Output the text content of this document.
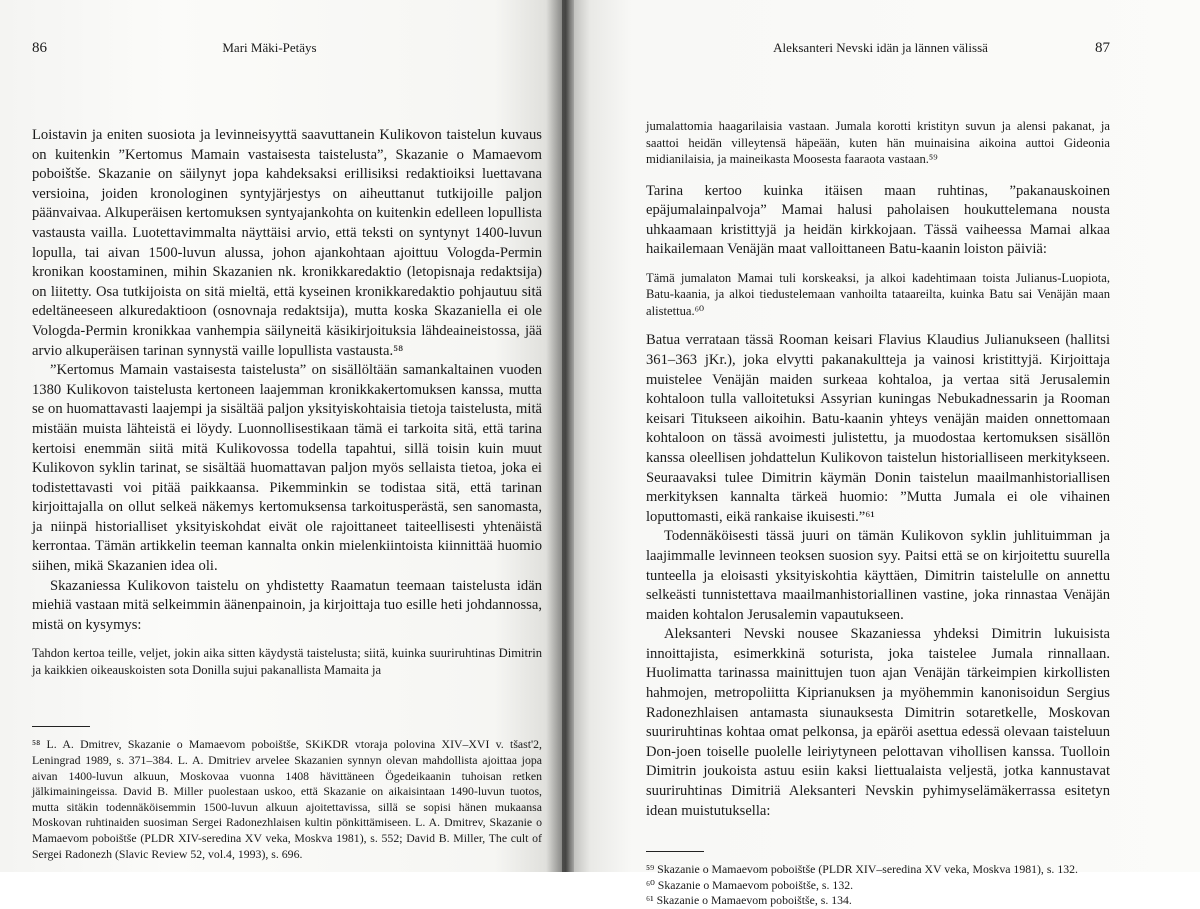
86	Mari Mäki-Petäys

Loistavin ja eniten suosiota ja levinneisyyttä saavuttanein Kulikovon taistelun kuvaus on kuitenkin ”Kertomus Mamain vastaisesta taistelusta”, Skazanie o Mamaevom poboištše. Skazanie on säilynyt jopa kahdeksaksi erillisiksi redaktioiksi luettavana versioina, joiden kronologinen syntyjärjestys on aiheuttanut tutkijoille paljon päänvaivaa. Alkuperäisen kertomuksen syntyajankohta on kuitenkin edelleen lopullista vastausta vailla. Luotettavimmalta näyttäisi arvio, että teksti on syntynyt 1400-luvun lopulla, tai aivan 1500-luvun alussa, johon ajankohtaan ajoittuu Vologda-Permin kronikan koostaminen, mihin Skazanien nk. kronikkaredaktio (letopisnaja redaktsija) on liitetty. Osa tutkijoista on sitä mieltä, että kyseinen kronikkaredaktio pohjautuu sitä edeltäneeseen alkuredaktioon (osnovnaja redaktsija), mutta koska Skazaniella ei ole Vologda-Permin kronikkaa vanhempia säilyneitä käsikirjoituksia lähdeaineistossa, jää arvio alkuperäisen tarinan synnystä vaille lopullista vastausta.⁵⁸

”Kertomus Mamain vastaisesta taistelusta” on sisällöltään samankaltainen vuoden 1380 Kulikovon taistelusta kertoneen laajemman kronikkakertomuksen kanssa, mutta se on huomattavasti laajempi ja sisältää paljon yksityiskohtaisia tietoja taistelusta, mitä mistään muista lähteistä ei löydy. Luonnollisestikaan tämä ei tarkoita sitä, että tarina kertoisi enemmän siitä mitä Kulikovossa todella tapahtui, sillä toisin kuin muut Kulikovon syklin tarinat, se sisältää huomattavan paljon myös sellaista tietoa, joka ei todistettavasti voi pitää paikkaansa. Pikemminkin se todistaa sitä, että tarinan kirjoittajalla on ollut selkeä näkemys kertomuksensa tarkoitusperästä, sen sanomasta, ja niinpä historialliset yksityiskohdat eivät ole rajoittaneet taiteellisesti yhtenäistä kerrontaa. Tämän artikkelin teeman kannalta onkin mielenkiintoista kiinnittää huomio siihen, mikä Skazanien idea oli.

Skazaniessa Kulikovon taistelu on yhdistetty Raamatun teemaan taistelusta idän miehiä vastaan mitä selkeimmin äänenpainoin, ja kirjoittaja tuo esille heti johdannossa, mistä on kysymys:

Tahdon kertoa teille, veljet, jokin aika sitten käydystä taistelusta; siitä, kuinka suuriruhtinas Dimitrin ja kaikkien oikeauskoisten sota Donilla sujui pakanallista Mamaita ja

⁵⁸ L. A. Dmitrev, Skazanie o Mamaevom poboištše, SKiKDR vtoraja polovina XIV–XVI v. tšast'2, Leningrad 1989, s. 371–384. L. A. Dmitriev arvelee Skazanien synnyn olevan mahdollista ajoittaa jopa aivan 1400-luvun alkuun, Moskovaa vuonna 1408 hävittäneen Ögedeikaanin tuhoisan retken jälkimainingeissa. David B. Miller puolestaan uskoo, että Skazanie on aikaisintaan 1490-luvun tuotos, mutta sitäkin todennäköisemmin 1500-luvun alkuun ajoitettavissa, sillä se sopisi hänen mukaansa Moskovan ruhtinaiden suosiman Sergei Radonezhlaisen kultin pönkittämiseen. L. A. Dmitrev, Skazanie o Mamaevom poboištše (PLDR XIV-seredina XV veka, Moskva 1981), s. 552; David B. Miller, The cult of Sergei Radonezh (Slavic Review 52, vol.4, 1993), s. 696.

Aleksanteri Nevski idän ja lännen välissä	87

jumalattomia haagarilaisia vastaan. Jumala korotti kristityn suvun ja alensi pakanat, ja saattoi heidän villeytensä häpeään, kuten hän muinaisina aikoina auttoi Gideonia midianilaisia, ja maineikasta Moosesta faaraota vastaan.⁵⁹

Tarina kertoo kuinka itäisen maan ruhtinas, ”pakanauskoinen epäjumalainpalvoja” Mamai halusi paholaisen houkuttelemana nousta uhkaamaan kristittyjä ja heidän kirkkojaan. Tässä vaiheessa Mamai alkaa haikailemaan Venäjän maat valloittaneen Batu-kaanin loiston päiviä:

Tämä jumalaton Mamai tuli korskeaksi, ja alkoi kadehtimaan toista Julianus-Luopiota, Batu-kaania, ja alkoi tiedustelemaan vanhoilta tataareilta, kuinka Batu sai Venäjän maan alistettua.⁶⁰

Batua verrataan tässä Rooman keisari Flavius Klaudius Julianukseen (hallitsi 361–363 jKr.), joka elvytti pakanakultteja ja vainosi kristittyjä. Kirjoittaja muistelee Venäjän maiden surkeaa kohtaloa, ja vertaa sitä Jerusalemin kohtaloon tulla valloitetuksi Assyrian kuningas Nebukadnessarin ja Rooman keisari Titukseen aikoihin. Batu-kaanin yhteys venäjän maiden onnettomaan kohtaloon on tässä avoimesti julistettu, ja muodostaa kertomuksen sisällön kanssa oleellisen johdattelun Kulikovon taistelun historialliseen merkitykseen. Seuraavaksi tulee Dimitrin käymän Donin taistelun maailmanhistoriallisen merkityksen kannalta tärkeä huomio: ”Mutta Jumala ei ole vihainen loputtomasti, eikä rankaise ikuisesti.”⁶¹

Todennäköisesti tässä juuri on tämän Kulikovon syklin juhlituimman ja laajimmalle levinneen teoksen suosion syy. Paitsi että se on kirjoitettu suurella tunteella ja eloisasti yksityiskohtia käyttäen, Dimitrin taistelulle on annettu selkeästi tunnistettava maailmanhistoriallinen vastine, joka rinnastaa Venäjän maiden kohtalon Jerusalemin vapautukseen.

Aleksanteri Nevski nousee Skazaniessa yhdeksi Dimitrin lukuisista innoittajista, esimerkkinä soturista, joka taistelee Jumala rinnallaan. Huolimatta tarinassa mainittujen tuon ajan Venäjän tärkeimpien kirkollisten hahmojen, metropoliitta Kiprianuksen ja myöhemmin kanonisoidun Sergius Radonezhlaisen antamasta siunauksesta Dimitrin sotaretkelle, Moskovan suuriruhtinas kohtaa omat pelkonsa, ja epäröi asettua edessä olevaan taisteluun Don-joen toiselle puolelle leiriytyneen pelottavan vihollisen kanssa. Tuolloin Dimitrin joukoista astuu esiin kaksi liettualaista veljestä, jotka kannustavat suuriruhtinas Dimitriä Aleksanteri Nevskin pyhimyselämäkerrassa esitetyn idean muistutuksella:

⁵⁹ Skazanie o Mamaevom poboištše (PLDR XIV–seredina XV veka, Moskva 1981), s. 132.

⁶⁰ Skazanie o Mamaevom poboištše, s. 132.

⁶¹ Skazanie o Mamaevom poboištše, s. 134.
